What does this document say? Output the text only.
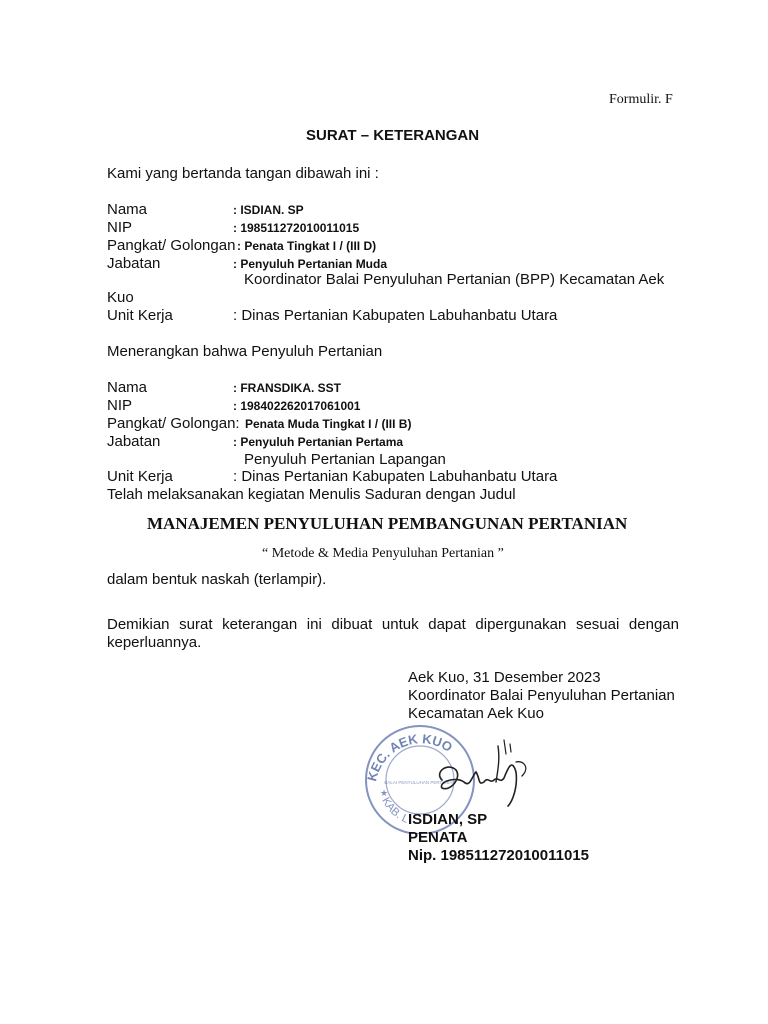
Formulir. F
SURAT – KETERANGAN
Kami yang bertanda tangan dibawah ini :
Nama	: ISDIAN. SP
NIP	: 198511272010011015
Pangkat/ Golongan : Penata Tingkat I / (III D)
Jabatan	: Penyuluh Pertanian Muda
Koordinator Balai Penyuluhan Pertanian (BPP) Kecamatan Aek
Kuo
Unit Kerja	: Dinas Pertanian Kabupaten Labuhanbatu Utara
Menerangkan bahwa Penyuluh Pertanian
Nama	: FRANSDIKA. SST
NIP	: 198402262017061001
Pangkat/ Golongan: Penata Muda Tingkat I / (III B)
Jabatan	: Penyuluh Pertanian Pertama
Penyuluh Pertanian Lapangan
Unit Kerja	: Dinas Pertanian Kabupaten Labuhanbatu Utara
Telah melaksanakan kegiatan Menulis Saduran dengan Judul
MANAJEMEN PENYULUHAN PEMBANGUNAN PERTANIAN
“ Metode & Media Penyuluhan Pertanian ”
dalam bentuk naskah (terlampir).
Demikian surat keterangan ini dibuat untuk dapat dipergunakan sesuai dengan
keperluannya.
Aek Kuo, 31 Desember 2023
Koordinator Balai Penyuluhan Pertanian
Kecamatan Aek Kuo
KEC. AEK KUO
KAB. L
BALAI PENYULUHAN PERTANIAN
★
ISDIAN, SP
PENATA
Nip. 198511272010011015
